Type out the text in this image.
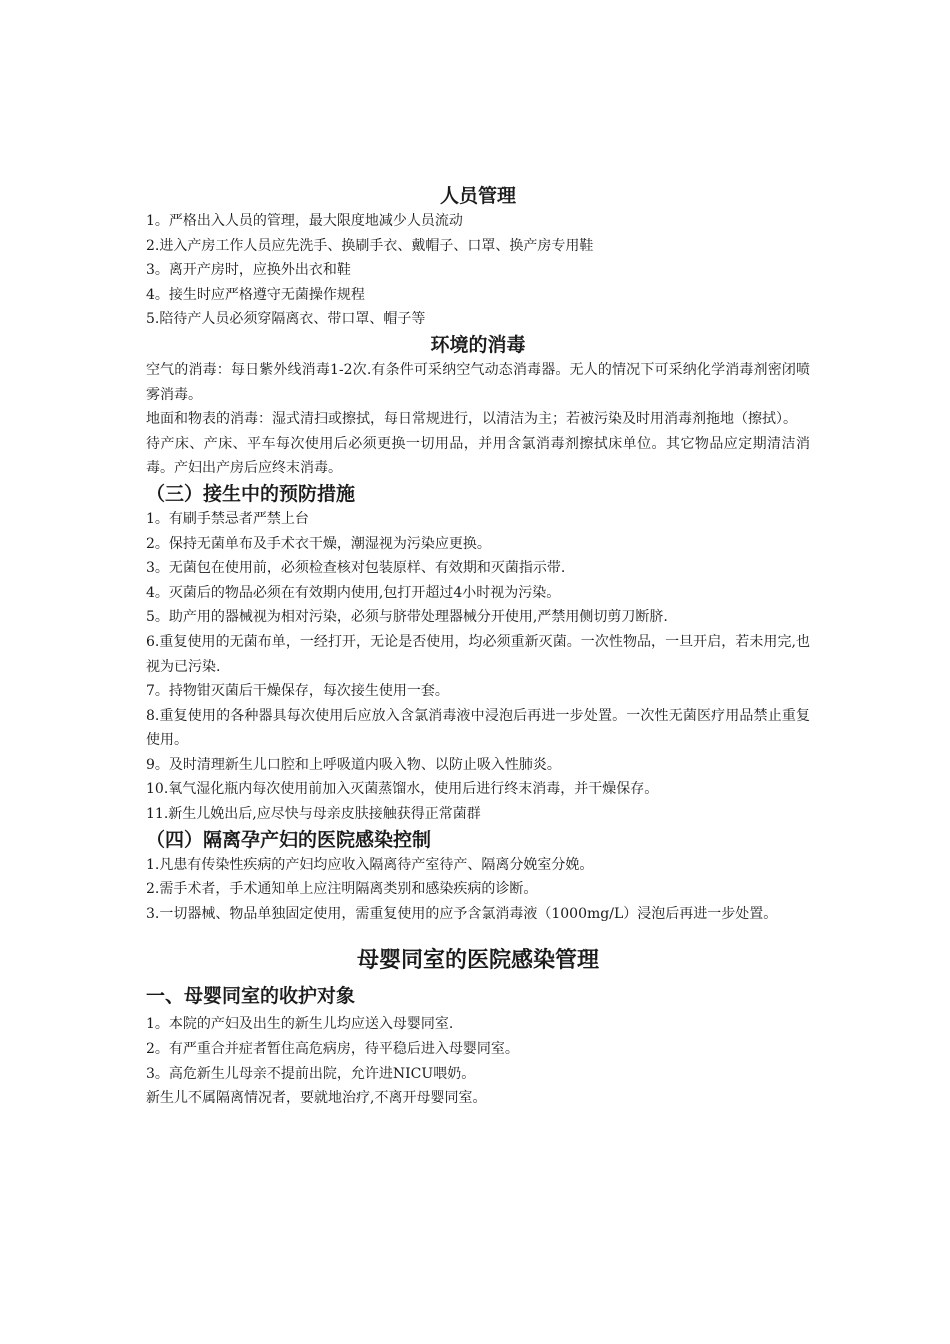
人员管理

1。严格出入人员的管理，最大限度地减少人员流动

2.进入产房工作人员应先洗手、换刷手衣、戴帽子、口罩、换产房专用鞋

3。离开产房时，应换外出衣和鞋

4。接生时应严格遵守无菌操作规程

5.陪待产人员必须穿隔离衣、带口罩、帽子等

环境的消毒

空气的消毒：每日紫外线消毒1-2次.有条件可采纳空气动态消毒器。无人的情况下可采纳化学消毒剂密闭喷雾消毒。

地面和物表的消毒：湿式清扫或擦拭，每日常规进行，以清洁为主；若被污染及时用消毒剂拖地（擦拭）。

待产床、产床、平车每次使用后必须更换一切用品，并用含氯消毒剂擦拭床单位。其它物品应定期清洁消毒。产妇出产房后应终末消毒。

（三）接生中的预防措施

1。有刷手禁忌者严禁上台

2。保持无菌单布及手术衣干燥，潮湿视为污染应更换。

3。无菌包在使用前，必须检查核对包装原样、有效期和灭菌指示带.

4。灭菌后的物品必须在有效期内使用,包打开超过4小时视为污染。

5。助产用的器械视为相对污染，必须与脐带处理器械分开使用,严禁用侧切剪刀断脐.

6.重复使用的无菌布单，一经打开，无论是否使用，均必须重新灭菌。一次性物品，一旦开启，若未用完,也视为已污染.

7。持物钳灭菌后干燥保存，每次接生使用一套。

8.重复使用的各种器具每次使用后应放入含氯消毒液中浸泡后再进一步处置。一次性无菌医疗用品禁止重复使用。

9。及时清理新生儿口腔和上呼吸道内吸入物、以防止吸入性肺炎。

10.氧气湿化瓶内每次使用前加入灭菌蒸馏水，使用后进行终末消毒，并干燥保存。

11.新生儿娩出后,应尽快与母亲皮肤接触获得正常菌群

（四）隔离孕产妇的医院感染控制

1.凡患有传染性疾病的产妇均应收入隔离待产室待产、隔离分娩室分娩。

2.需手术者，手术通知单上应注明隔离类别和感染疾病的诊断。

3.一切器械、物品单独固定使用，需重复使用的应予含氯消毒液（1000mg/L）浸泡后再进一步处置。

母婴同室的医院感染管理
一、母婴同室的收护对象

1。本院的产妇及出生的新生儿均应送入母婴同室.

2。有严重合并症者暂住高危病房，待平稳后进入母婴同室。

3。高危新生儿母亲不提前出院，允许进NICU喂奶。

新生儿不属隔离情况者，要就地治疗,不离开母婴同室。
